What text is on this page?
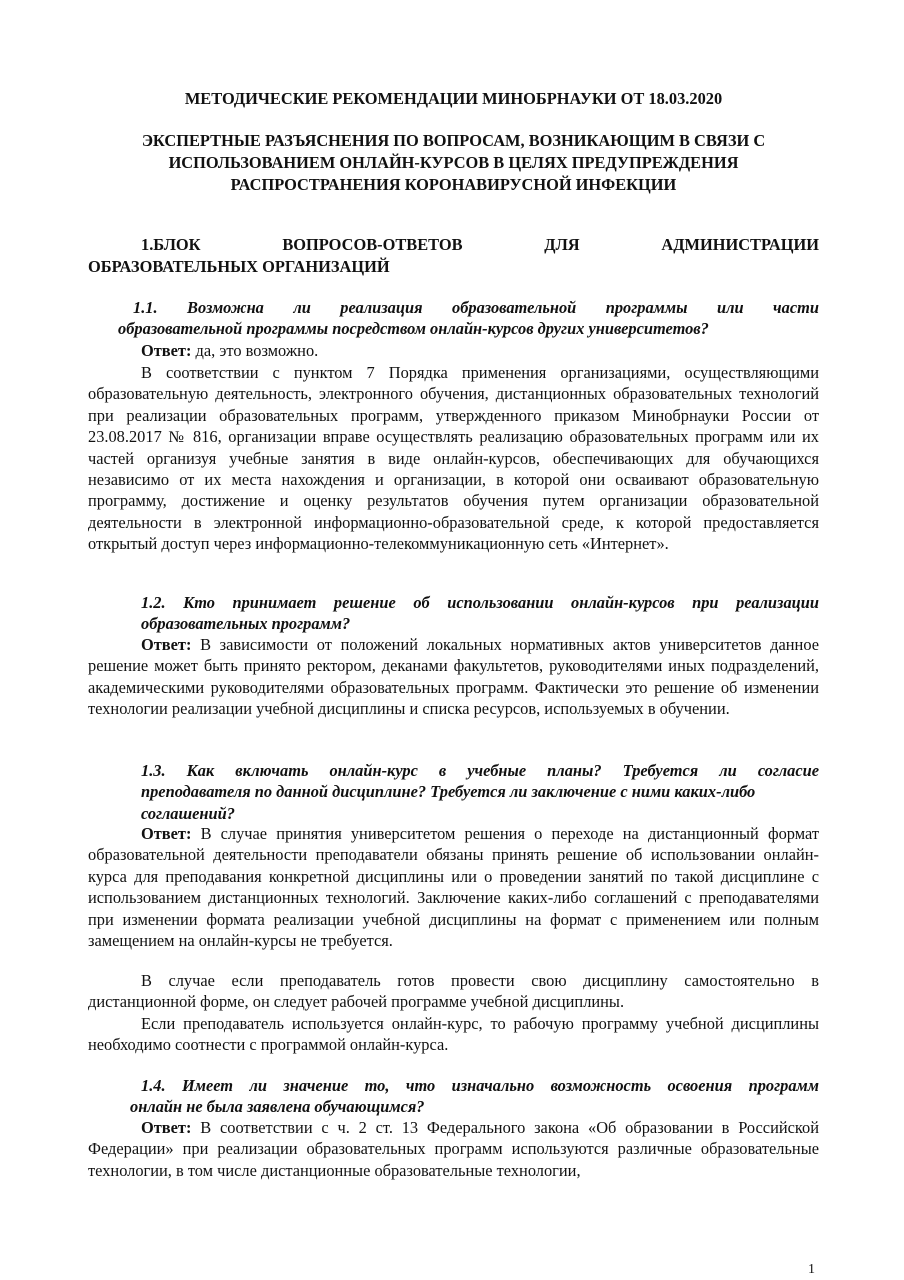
МЕТОДИЧЕСКИЕ РЕКОМЕНДАЦИИ МИНОБРНАУКИ ОТ 18.03.2020

ЭКСПЕРТНЫЕ РАЗЪЯСНЕНИЯ ПО ВОПРОСАМ, ВОЗНИКАЮЩИМ В СВЯЗИ С

ИСПОЛЬЗОВАНИЕМ ОНЛАЙН-КУРСОВ В ЦЕЛЯХ ПРЕДУПРЕЖДЕНИЯ

РАСПРОСТРАНЕНИЯ КОРОНАВИРУСНОЙ ИНФЕКЦИИ

1.БЛОК	ВОПРОСОВ-ОТВЕТОВ	ДЛЯ	АДМИНИСТРАЦИИ
ОБРАЗОВАТЕЛЬНЫХ ОРГАНИЗАЦИЙ
1.1. Возможна ли реализация образовательной программы или части
образовательной программы посредством онлайн-курсов других университетов?

Ответ: да, это возможно.

В соответствии с пунктом 7 Порядка применения организациями, осуществляющими образовательную деятельность, электронного обучения, дистанционных образовательных технологий при реализации образовательных программ, утвержденного приказом Минобрнауки России от 23.08.2017 № 816, организации вправе осуществлять реализацию образовательных программ или их частей организуя учебные занятия в виде онлайн-курсов, обеспечивающих для обучающихся независимо от их места нахождения и организации, в которой они осваивают образовательную программу, достижение и оценку результатов обучения путем организации образовательной деятельности в электронной информационно-образовательной среде, к которой предоставляется открытый доступ через информационно-телекоммуникационную сеть «Интернет».

1.2. Кто принимает решение об использовании онлайн-курсов при реализации
образовательных программ?

Ответ: В зависимости от положений локальных нормативных актов университетов данное решение может быть принято ректором, деканами факультетов, руководителями иных подразделений, академическими руководителями образовательных программ. Фактически это решение об изменении технологии реализации учебной дисциплины и списка ресурсов, используемых в обучении.

1.3. Как включать онлайн-курс в учебные планы? Требуется ли согласие
преподавателя по данной дисциплине? Требуется ли заключение с ними каких-либо
соглашений?

Ответ: В случае принятия университетом решения о переходе на дистанционный формат образовательной деятельности преподаватели обязаны принять решение об использовании онлайн-курса для преподавания конкретной дисциплины или о проведении занятий по такой дисциплине с использованием дистанционных технологий. Заключение каких-либо соглашений с преподавателями при изменении формата реализации учебной дисциплины на формат с применением или полным замещением на онлайн-курсы не требуется.

В случае если преподаватель готов провести свою дисциплину самостоятельно в дистанционной форме, он следует рабочей программе учебной дисциплины.

Если преподаватель используется онлайн-курс, то рабочую программу учебной дисциплины необходимо соотнести с программой онлайн-курса.

1.4. Имеет ли значение то, что изначально возможность освоения программ
онлайн не была заявлена обучающимся?

Ответ: В соответствии с ч. 2 ст. 13 Федерального закона «Об образовании в Российской Федерации» при реализации образовательных программ используются различные образовательные технологии, в том числе дистанционные образовательные технологии,

1
